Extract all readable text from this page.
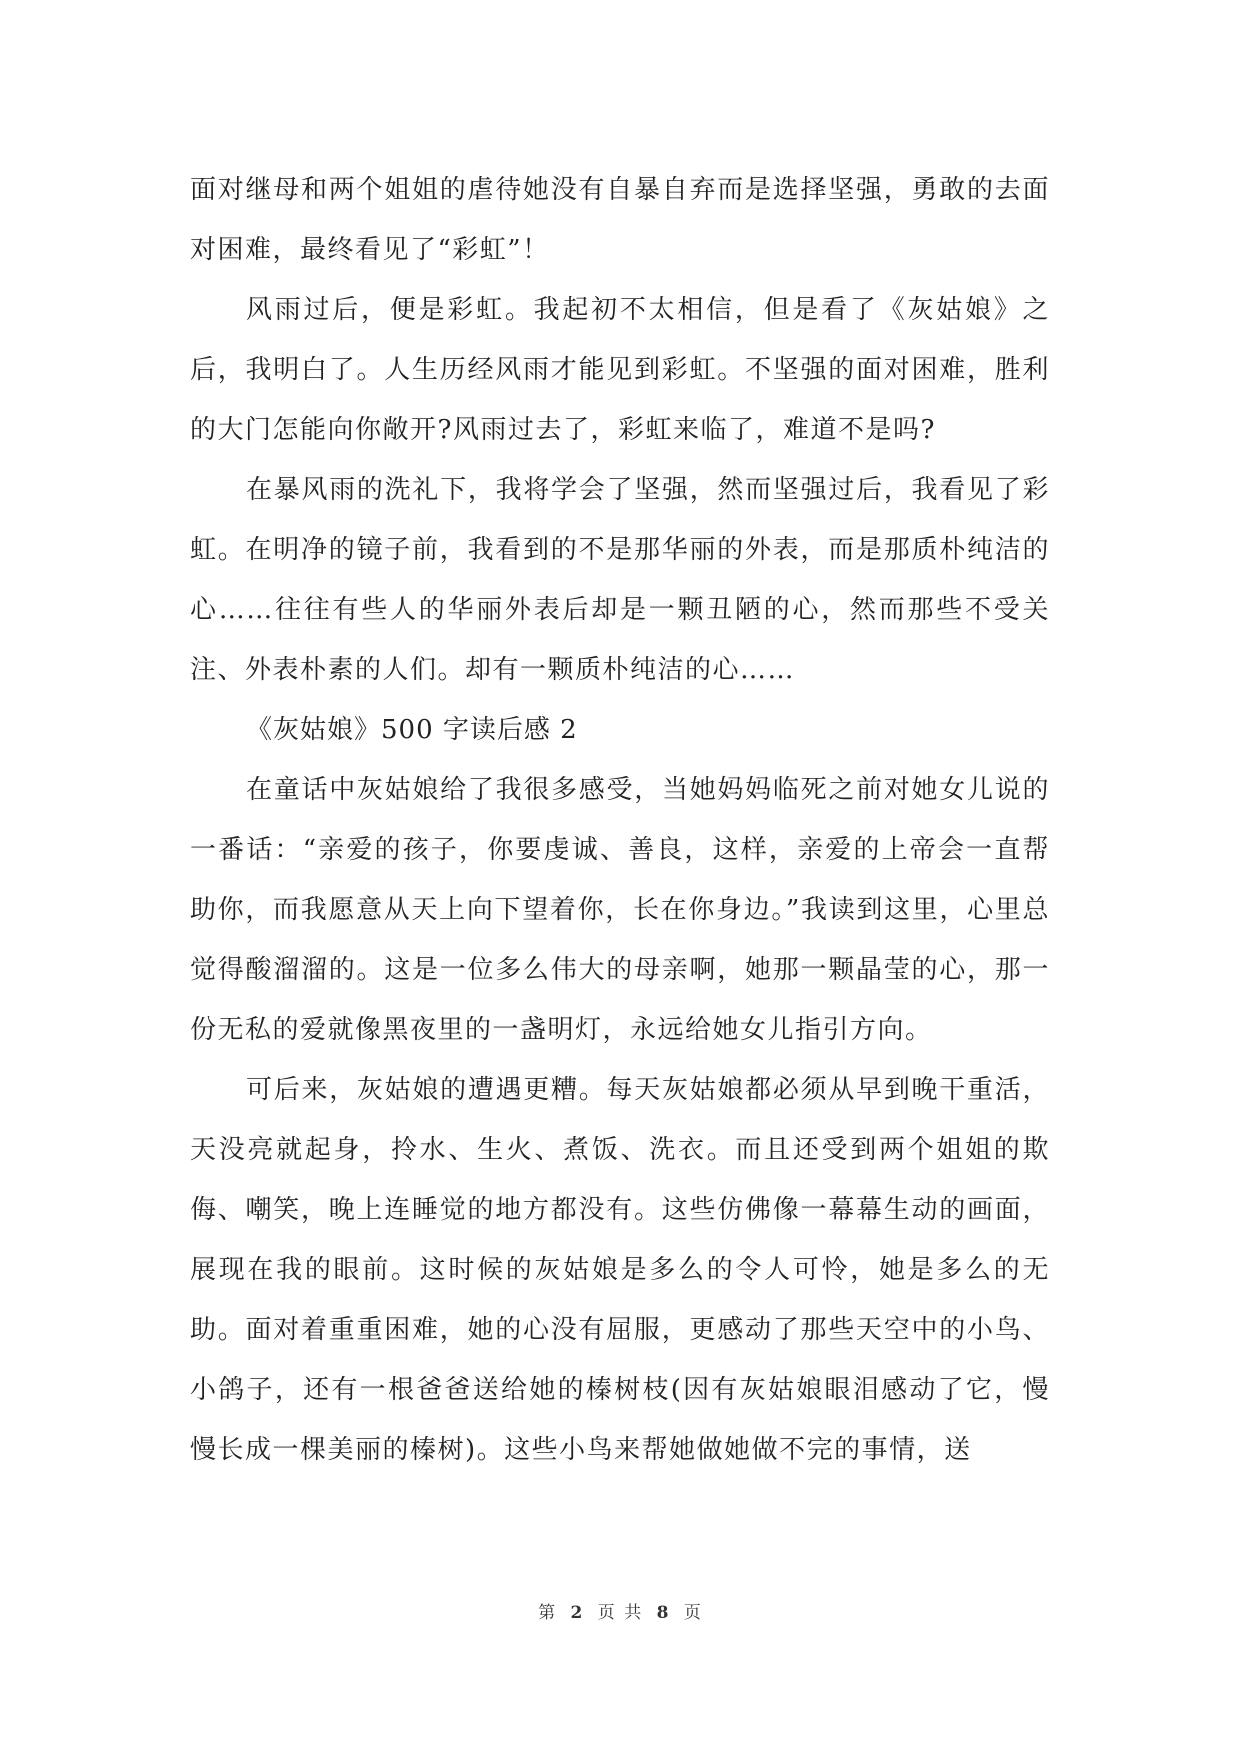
面对继母和两个姐姐的虐待她没有自暴自弃而是选择坚强，勇敢的去面对困难，最终看见了“彩虹”！

风雨过后，便是彩虹。我起初不太相信，但是看了《灰姑娘》之后，我明白了。人生历经风雨才能见到彩虹。不坚强的面对困难，胜利的大门怎能向你敞开?风雨过去了，彩虹来临了，难道不是吗?

在暴风雨的洗礼下，我将学会了坚强，然而坚强过后，我看见了彩虹。在明净的镜子前，我看到的不是那华丽的外表，而是那质朴纯洁的心……往往有些人的华丽外表后却是一颗丑陋的心，然而那些不受关注、外表朴素的人们。却有一颗质朴纯洁的心……

《灰姑娘》500 字读后感 2

在童话中灰姑娘给了我很多感受，当她妈妈临死之前对她女儿说的一番话：“亲爱的孩子，你要虔诚、善良，这样，亲爱的上帝会一直帮助你，而我愿意从天上向下望着你，长在你身边。”我读到这里，心里总觉得酸溜溜的。这是一位多么伟大的母亲啊，她那一颗晶莹的心，那一份无私的爱就像黑夜里的一盏明灯，永远给她女儿指引方向。

可后来，灰姑娘的遭遇更糟。每天灰姑娘都必须从早到晚干重活，天没亮就起身，拎水、生火、煮饭、洗衣。而且还受到两个姐姐的欺侮、嘲笑，晚上连睡觉的地方都没有。这些仿佛像一幕幕生动的画面，展现在我的眼前。这时候的灰姑娘是多么的令人可怜，她是多么的无助。面对着重重困难，她的心没有屈服，更感动了那些天空中的小鸟、小鸽子，还有一根爸爸送给她的榛树枝(因有灰姑娘眼泪感动了它，慢慢长成一棵美丽的榛树)。这些小鸟来帮她做她做不完的事情，送

第 2 页 共 8 页
